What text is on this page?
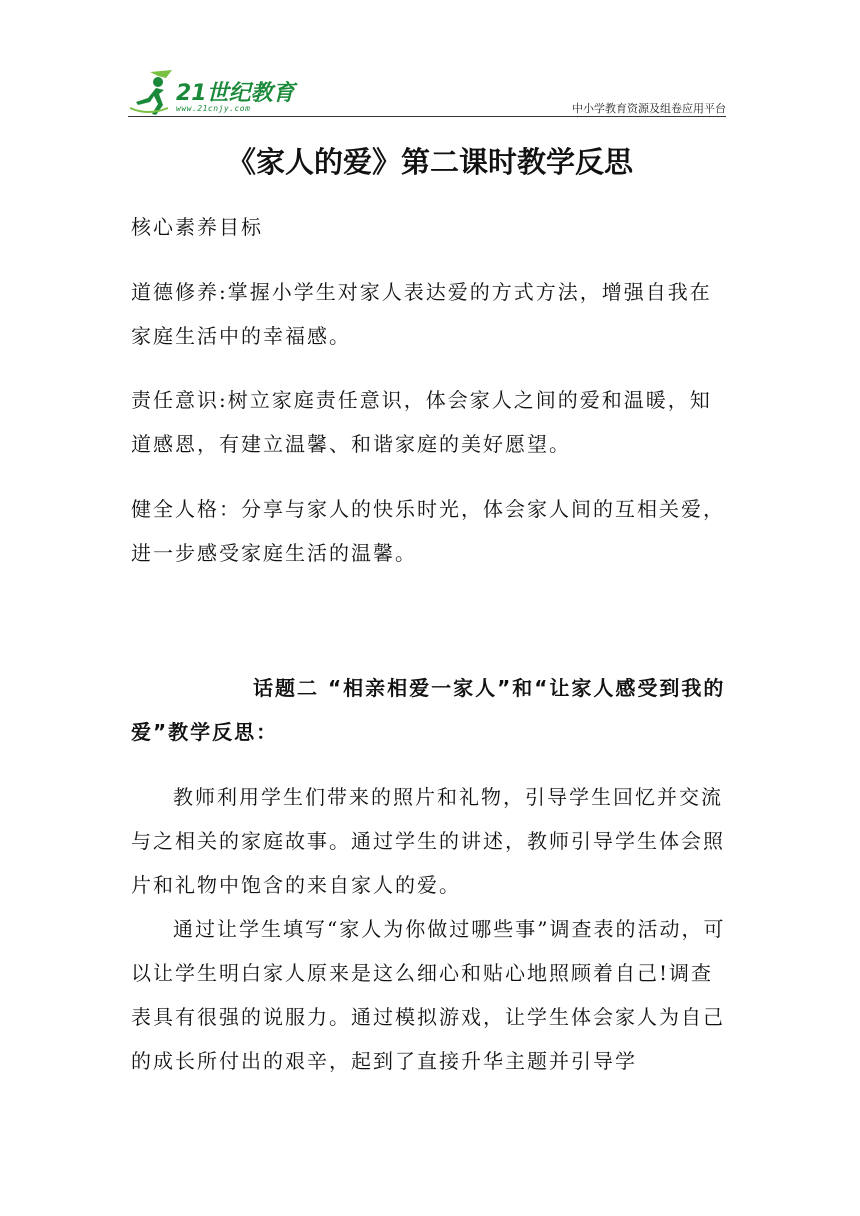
21世纪教育
www.21cnjy.com	中小学教育资源及组卷应用平台
《家人的爱》第二课时教学反思

核心素养目标

道德修养:掌握小学生对家人表达爱的方式方法，增强自我在家庭生活中的幸福感。

责任意识:树立家庭责任意识，体会家人之间的爱和温暖，知道感恩，有建立温馨、和谐家庭的美好愿望。

健全人格：分享与家人的快乐时光，体会家人间的互相关爱，进一步感受家庭生活的温馨。

话题二 “相亲相爱一家人”和“让家人感受到我的爱”教学反思：

教师利用学生们带来的照片和礼物，引导学生回忆并交流与之相关的家庭故事。通过学生的讲述，教师引导学生体会照片和礼物中饱含的来自家人的爱。

通过让学生填写“家人为你做过哪些事”调查表的活动，可以让学生明白家人原来是这么细心和贴心地照顾着自己!调查表具有很强的说服力。通过模拟游戏，让学生体会家人为自己的成长所付出的艰辛，起到了直接升华主题并引导学
